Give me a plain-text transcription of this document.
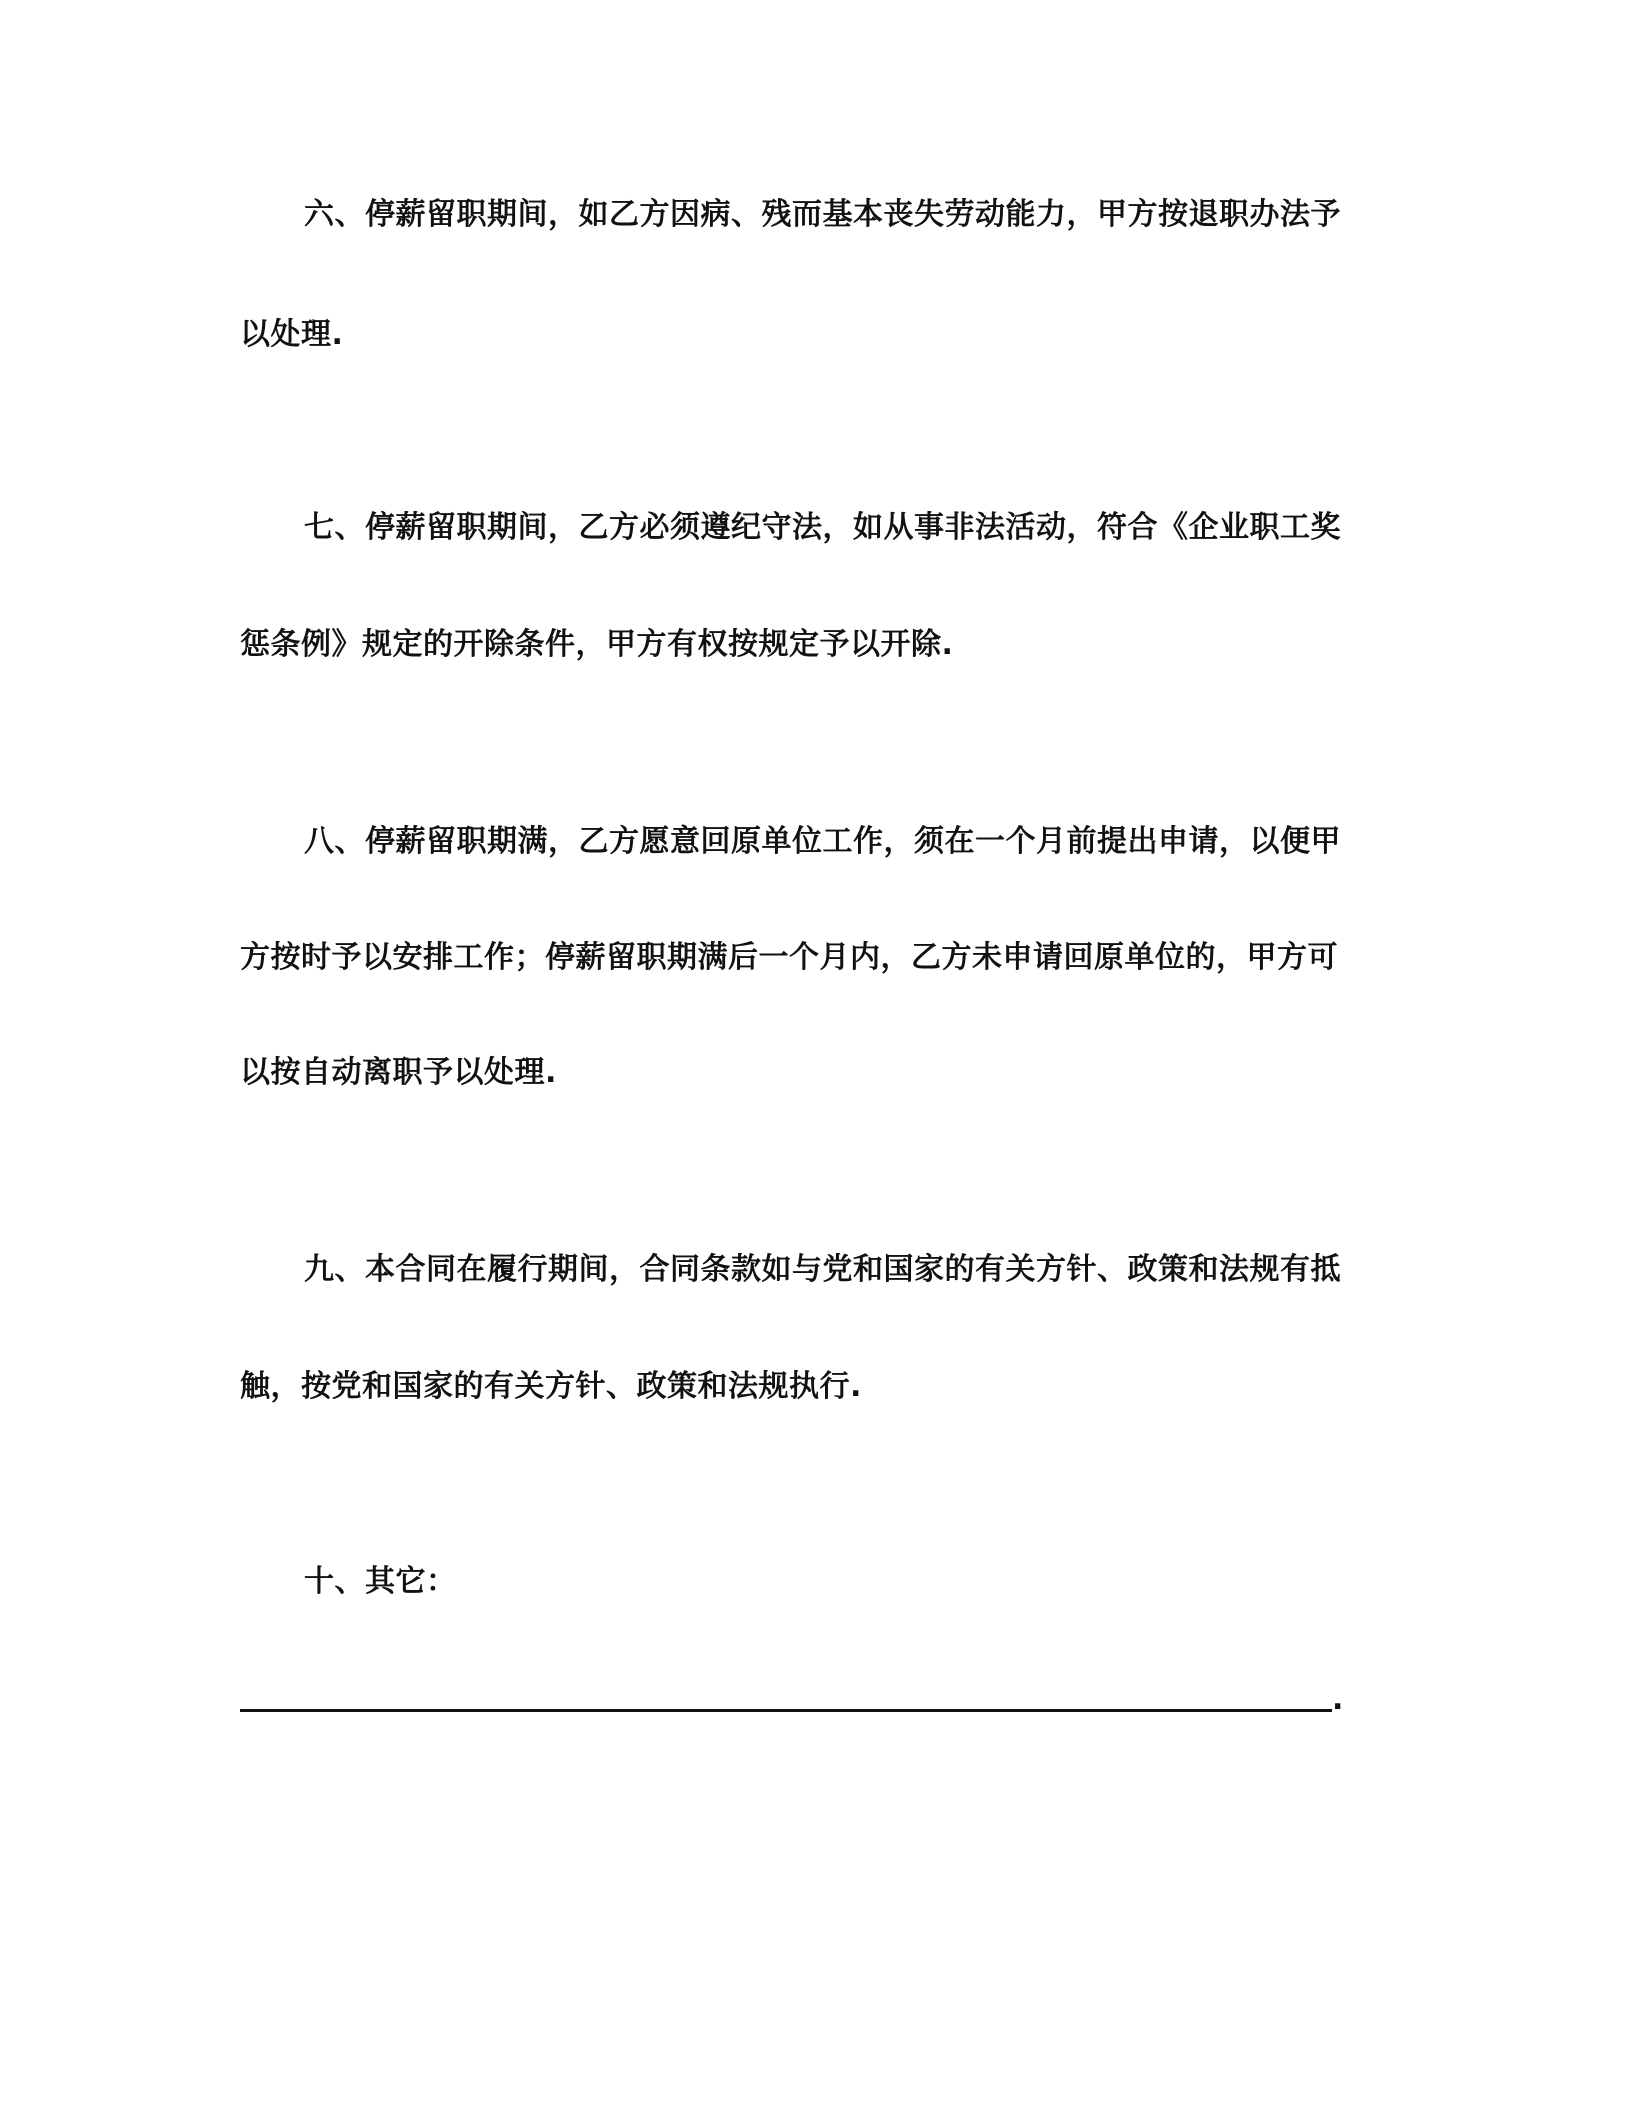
六、停薪留职期间，如乙方因病、残而基本丧失劳动能力，甲方按退职办法予
以处理.
七、停薪留职期间，乙方必须遵纪守法，如从事非法活动，符合《企业职工奖
惩条例》规定的开除条件，甲方有权按规定予以开除.
八、停薪留职期满，乙方愿意回原单位工作，须在一个月前提出申请，以便甲
方按时予以安排工作；停薪留职期满后一个月内，乙方未申请回原单位的，甲方可
以按自动离职予以处理.
九、本合同在履行期间，合同条款如与党和国家的有关方针、政策和法规有抵
触，按党和国家的有关方针、政策和法规执行.
十、其它：
.
